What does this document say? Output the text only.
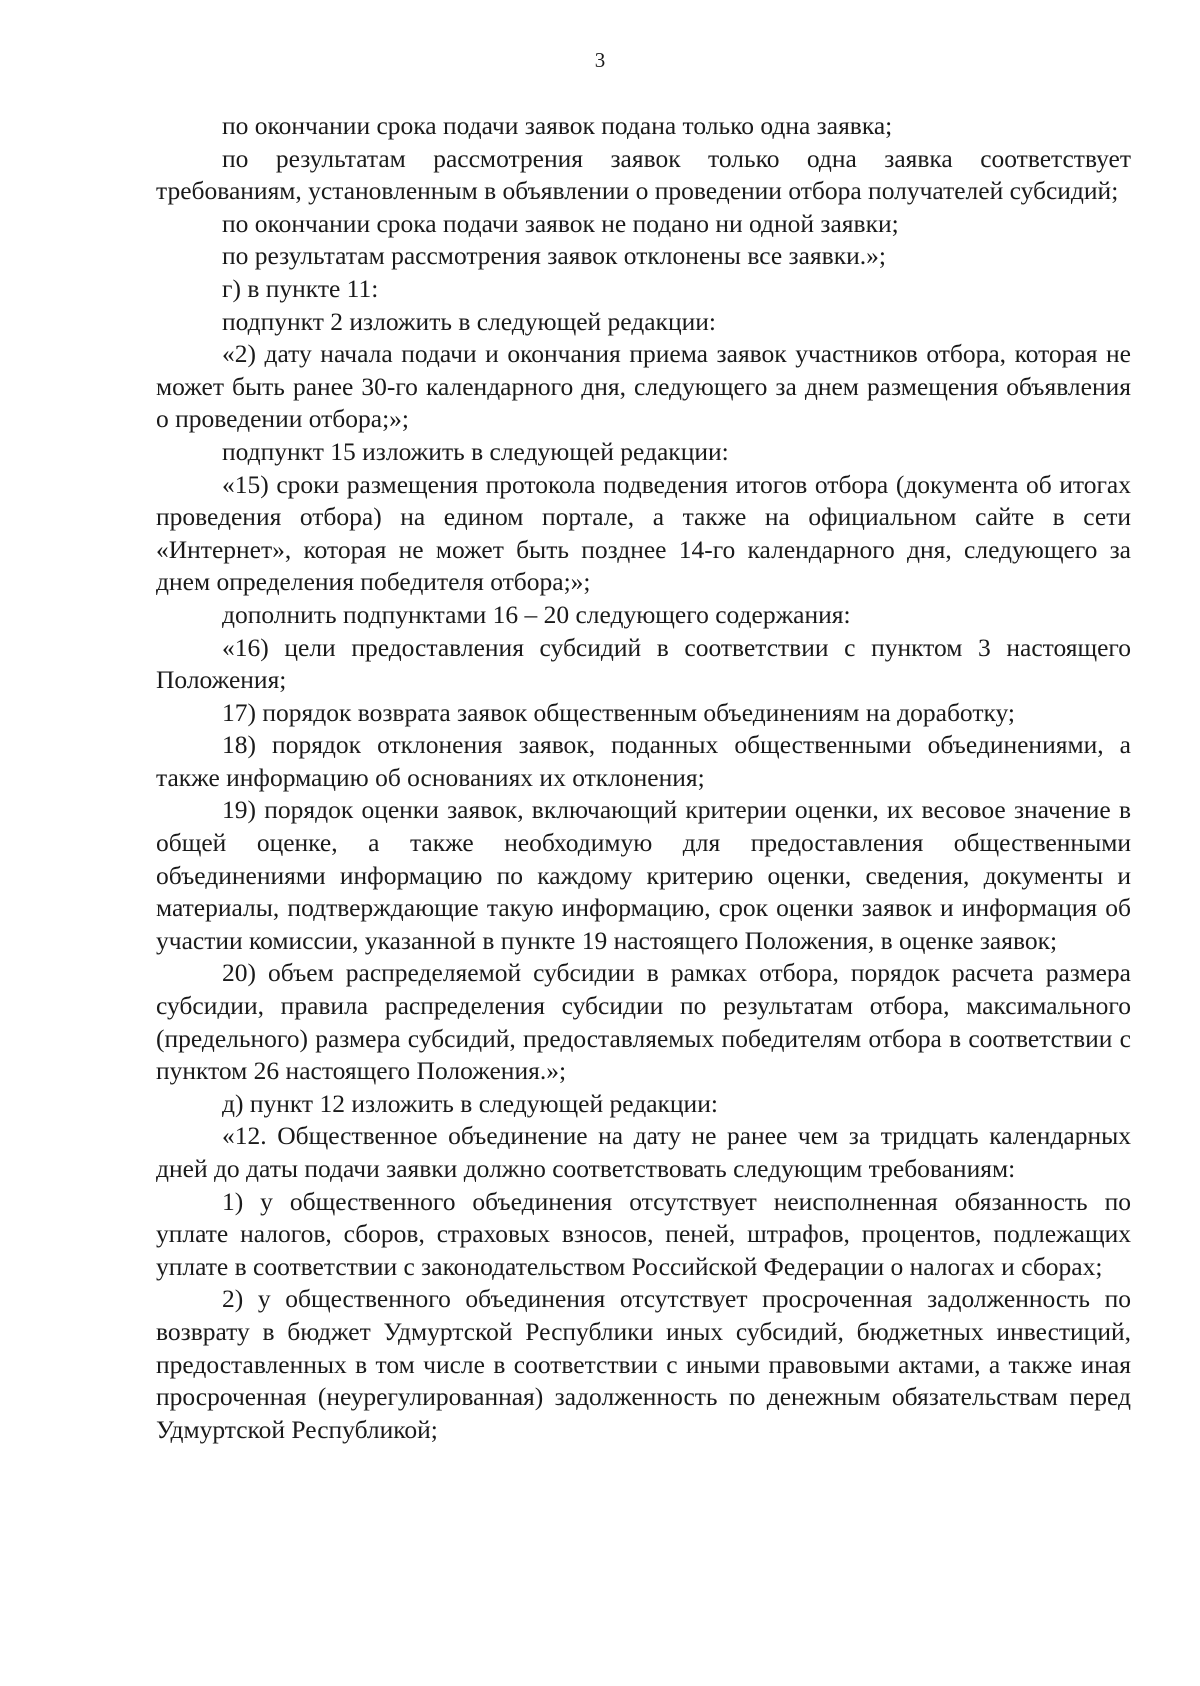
3

по окончании срока подачи заявок подана только одна заявка;

по результатам рассмотрения заявок только одна заявка соответствует требованиям, установленным в объявлении о проведении отбора получателей субсидий;

по окончании срока подачи заявок не подано ни одной заявки;

по результатам рассмотрения заявок отклонены все заявки.»;

г) в пункте 11:

подпункт 2 изложить в следующей редакции:

«2) дату начала подачи и окончания приема заявок участников отбора, которая не может быть ранее 30-го календарного дня, следующего за днем размещения объявления о проведении отбора;»;

подпункт 15 изложить в следующей редакции:

«15) сроки размещения протокола подведения итогов отбора (документа об итогах проведения отбора) на едином портале, а также на официальном сайте в сети «Интернет», которая не может быть позднее 14-го календарного дня, следующего за днем определения победителя отбора;»;

дополнить подпунктами 16 – 20 следующего содержания:

«16) цели предоставления субсидий в соответствии с пунктом 3 настоящего Положения;

17) порядок возврата заявок общественным объединениям на доработку;

18) порядок отклонения заявок, поданных общественными объединениями, а также информацию об основаниях их отклонения;

19) порядок оценки заявок, включающий критерии оценки, их весовое значение в общей оценке, а также необходимую для предоставления общественными объединениями информацию по каждому критерию оценки, сведения, документы и материалы, подтверждающие такую информацию, срок оценки заявок и информация об участии комиссии, указанной в пункте 19 настоящего Положения, в оценке заявок;

20) объем распределяемой субсидии в рамках отбора, порядок расчета размера субсидии, правила распределения субсидии по результатам отбора, максимального (предельного) размера субсидий, предоставляемых победителям отбора в соответствии с пунктом 26 настоящего Положения.»;

д) пункт 12 изложить в следующей редакции:

«12. Общественное объединение на дату не ранее чем за тридцать календарных дней до даты подачи заявки должно соответствовать следующим требованиям:

1) у общественного объединения отсутствует неисполненная обязанность по уплате налогов, сборов, страховых взносов, пеней, штрафов, процентов, подлежащих уплате в соответствии с законодательством Российской Федерации о налогах и сборах;

2) у общественного объединения отсутствует просроченная задолженность по возврату в бюджет Удмуртской Республики иных субсидий, бюджетных инвестиций, предоставленных в том числе в соответствии с иными правовыми актами, а также иная просроченная (неурегулированная) задолженность по денежным обязательствам перед Удмуртской Республикой;
